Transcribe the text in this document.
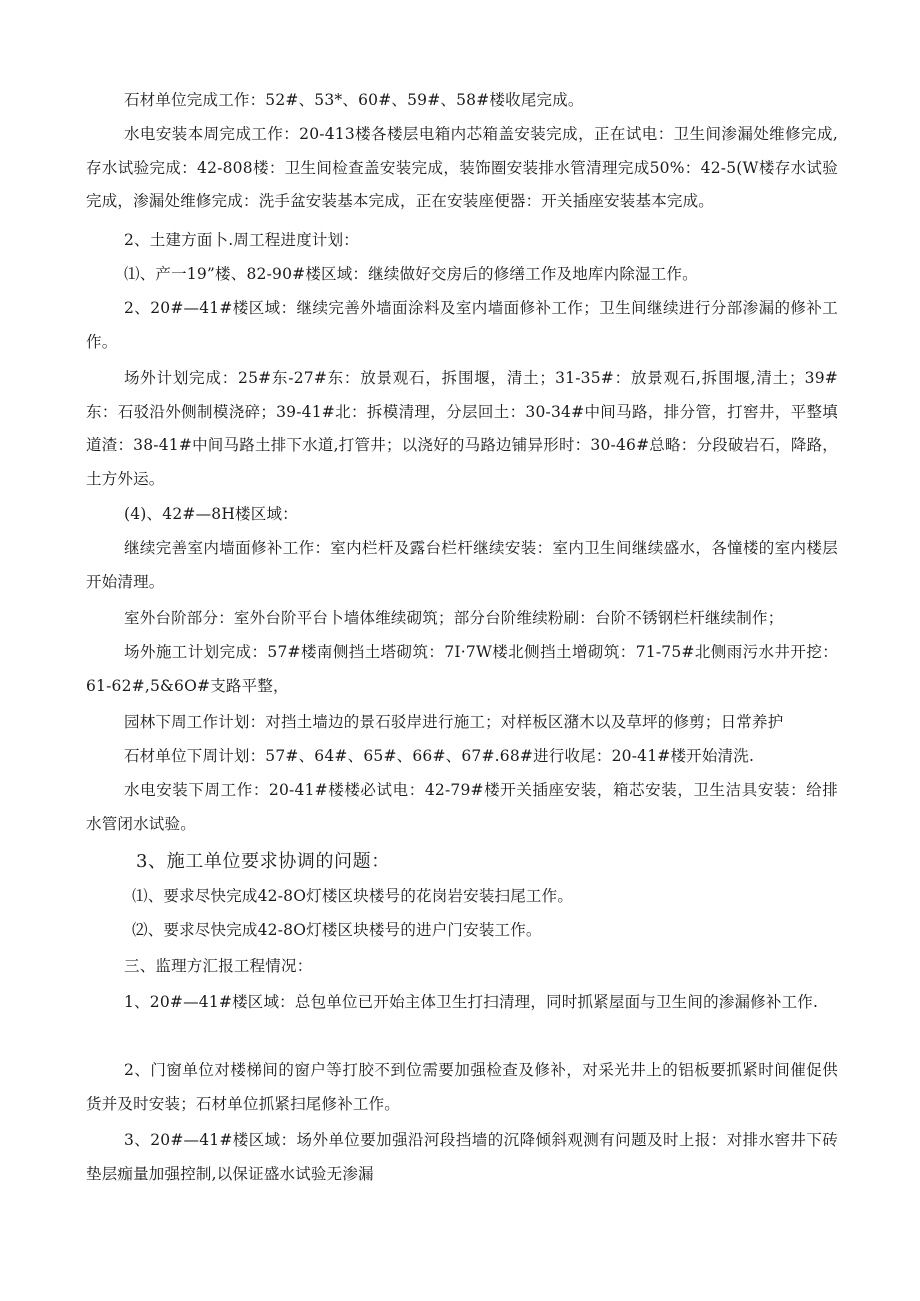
石材单位完成工作：52#、53*、60#、59#、58#楼收尾完成。

水电安装本周完成工作：20-413楼各楼层电箱内芯箱盖安装完成，正在试电：卫生间渗漏处维修完成,存水试验完成：42-808楼：卫生间检查盖安装完成，装饰圈安装排水管清理完成50%：42-5(W楼存水试验完成，渗漏处维修完成：洗手盆安装基本完成，正在安装座便器：开关插座安装基本完成。

2、土建方面卜.周工程进度计划：

⑴、产一19”楼、82-90#楼区域：继续做好交房后的修缮工作及地库内除湿工作。

2、20#—41#楼区域：继续完善外墙面涂料及室内墙面修补工作；卫生间继续进行分部渗漏的修补工作。

场外计划完成：25#东-27#东：放景观石，拆围堰，清土；31-35#：放景观石,拆围堰,清土；39#东：石驳沿外侧制模浇碎；39-41#北：拆模清理，分层回土：30-34#中间马路，排分管，打窖井，平整填道渣：38-41#中间马路土排下水道,打管井；以浇好的马路边铺异形时：30-46#总略：分段破岩石，降路，土方外运。

(4)、42#—8H楼区域：

继续完善室内墙面修补工作：室内栏杆及露台栏杆继续安装：室内卫生间继续盛水，各憧楼的室内楼层开始清理。

室外台阶部分：室外台阶平台卜墙体维续砌筑；部分台阶维续粉刷：台阶不锈钢栏杆继续制作；

场外施工计划完成：57#楼南侧挡土塔砌筑：7I·7W楼北侧挡土增砌筑：71-75#北侧雨污水井开挖：61-62#,5&6O#支路平整，

园林下周工作计划：对挡土墙边的景石驳岸进行施工；对样板区潴木以及草坪的修剪；日常养护

石材单位下周计划：57#、64#、65#、66#、67#.68#进行收尾：20-41#楼开始清洗.

水电安装下周工作：20-41#楼楼必试电：42-79#楼开关插座安装，箱芯安装，卫生洁具安装：给排水管闭水试验。

3、施工单位要求协调的问题：

⑴、要求尽快完成42-8O灯楼区块楼号的花岗岩安装扫尾工作。

⑵、要求尽快完成42-8O灯楼区块楼号的进户门安装工作。

三、监理方汇报工程情况：

1、20#—41#楼区域：总包单位已开始主体卫生打扫清理，同时抓紧屋面与卫生间的渗漏修补工作.

2、门窗单位对楼梯间的窗户等打胶不到位需要加强检查及修补，对采光井上的铝板要抓紧时间催促供货并及时安装；石材单位抓紧扫尾修补工作。

3、20#—41#楼区域：场外单位要加强沿河段挡墙的沉降倾斜观测有问题及时上报：对排水窖井下砖垫层痂量加强控制,以保证盛水试验无渗漏
